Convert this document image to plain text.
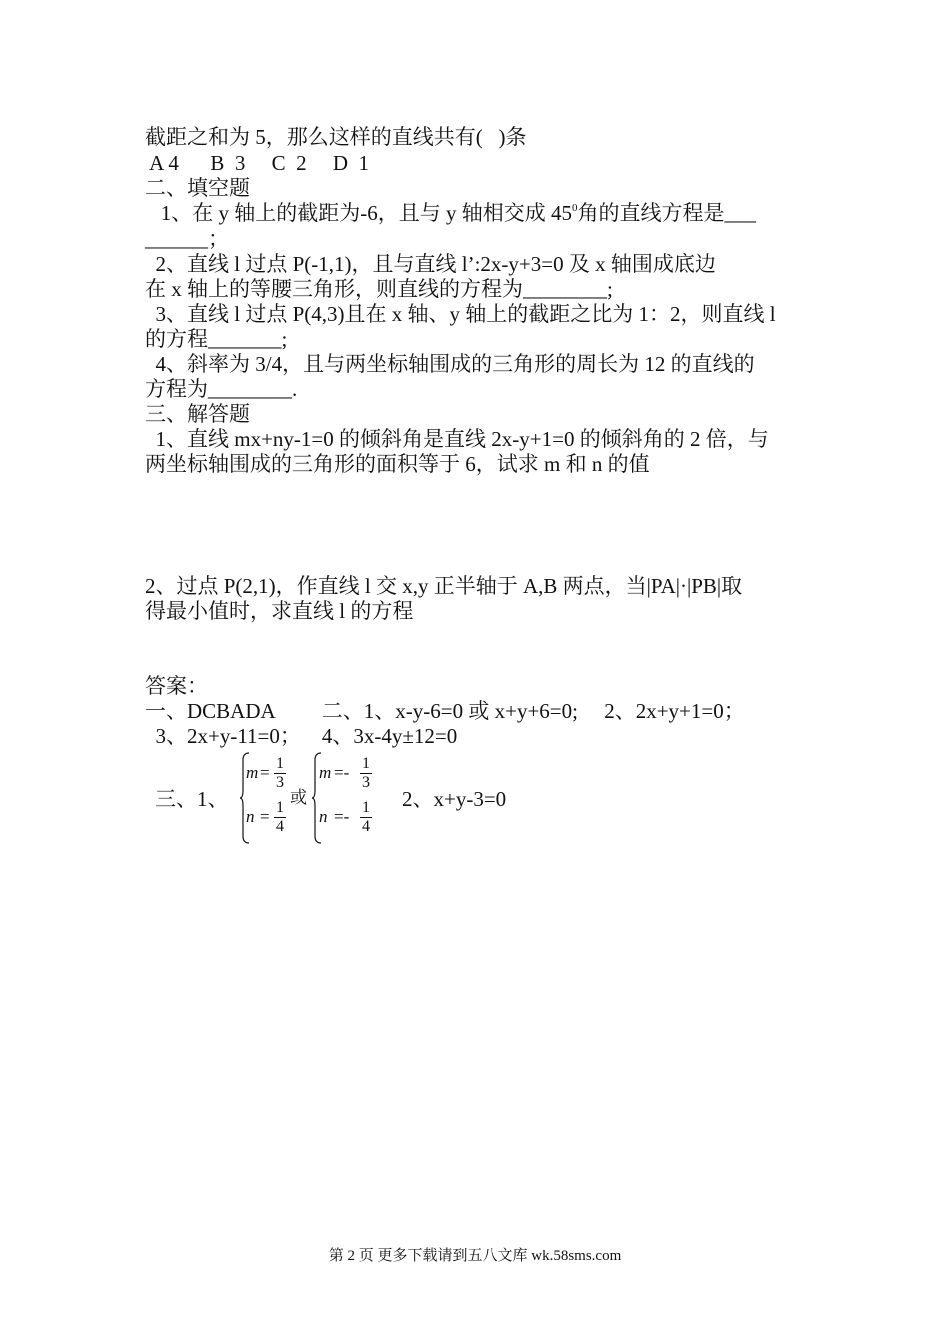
截距之和为 5，那么这样的直线共有(   )条
A 4      B  3     C  2     D  1
二、填空题
1、在 y 轴上的截距为-6，且与 y 轴相交成 $45^0$角的直线方程是___
______；
2、直线 l 过点 P(-1,1)，且与直线 l’:2x-y+3=0 及 x 轴围成底边
在 x 轴上的等腰三角形，则直线的方程为________;
3、直线 l 过点 P(4,3)且在 x 轴、y 轴上的截距之比为 1：2，则直线 l
的方程_______;
4、斜率为 3/4，且与两坐标轴围成的三角形的周长为 12 的直线的
方程为________.
三、解答题
1、直线 mx+ny-1=0 的倾斜角是直线 2x-y+1=0 的倾斜角的 2 倍，与
两坐标轴围成的三角形的面积等于 6，试求 m 和 n 的值
2、过点 P(2,1)，作直线 l 交 x,y 正半轴于 A,B 两点，当|PA|·|PB|取
得最小值时，求直线 l 的方程
答案：
一、DCBADA         二、1、x-y-6=0 或 x+y+6=0;     2、2x+y+1=0；
3、2x+y-11=0；    4、3x-4y±12=0
三、1、
$m = \frac{1}{3}$
$n = \frac{1}{4}$
或
$m =- \frac{1}{3}$
$n =- \frac{1}{4} 2$、x+y-3=0
第 2 页 更多下载请到五八文库 wk.58sms.com
